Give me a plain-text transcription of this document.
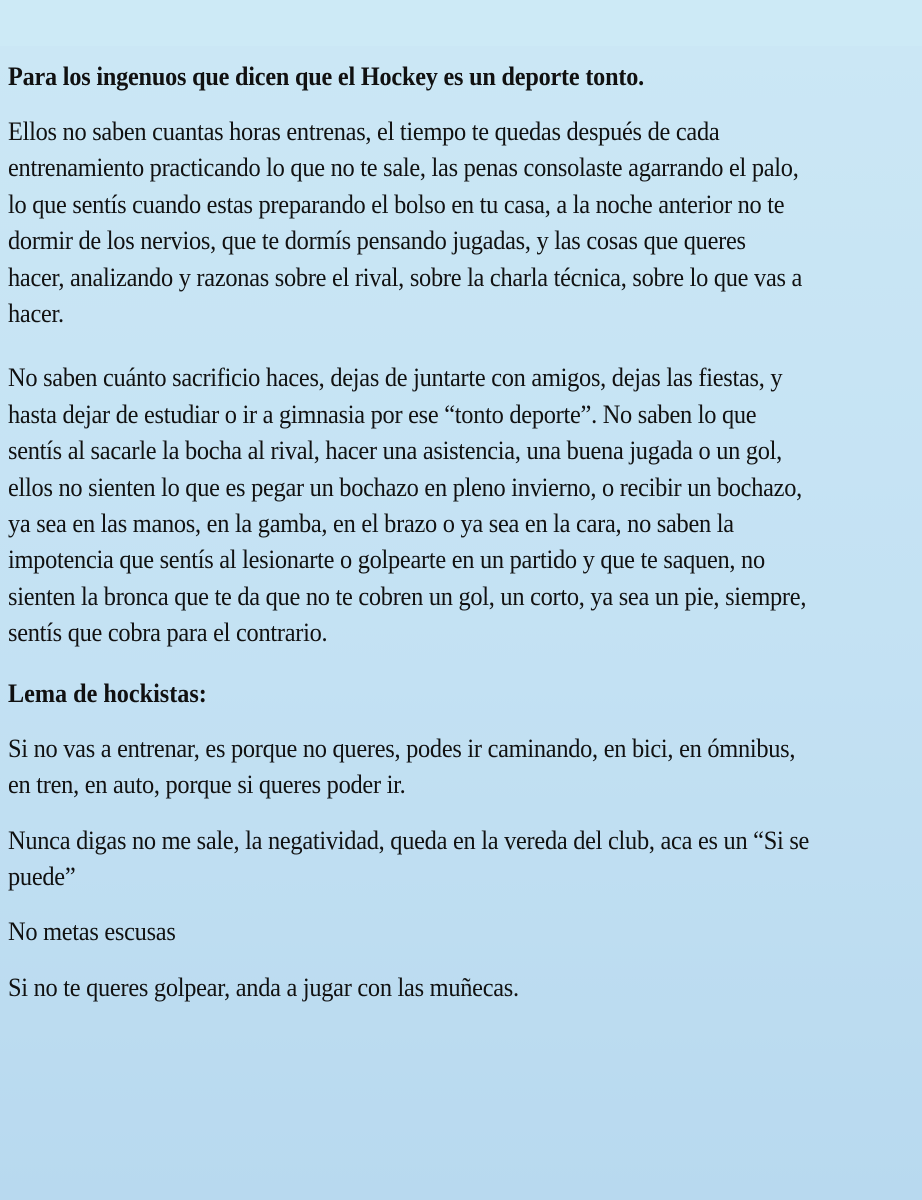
Para los ingenuos que dicen que el Hockey es un deporte tonto.
Ellos no saben cuantas horas entrenas, el tiempo te quedas después de cada
entrenamiento practicando lo que no te sale, las penas consolaste agarrando el palo,
lo que sentís cuando estas preparando el bolso en tu casa, a la noche anterior no te
dormir de los nervios, que te dormís pensando jugadas, y las cosas que queres
hacer, analizando y razonas sobre el rival, sobre la charla técnica, sobre lo que vas a
hacer.
No saben cuánto sacrificio haces, dejas de juntarte con amigos, dejas las fiestas, y
hasta dejar de estudiar o ir a gimnasia por ese “tonto deporte”. No saben lo que
sentís al sacarle la bocha al rival, hacer una asistencia, una buena jugada o un gol,
ellos no sienten lo que es pegar un bochazo en pleno invierno, o recibir un bochazo,
ya sea en las manos, en la gamba, en el brazo o ya sea en la cara, no saben la
impotencia que sentís al lesionarte o golpearte en un partido y que te saquen, no
sienten la bronca que te da que no te cobren un gol, un corto, ya sea un pie, siempre,
sentís que cobra para el contrario.
Lema de hockistas:
Si no vas a entrenar, es porque no queres, podes ir caminando, en bici, en ómnibus,
en tren, en auto, porque si queres poder ir.
Nunca digas no me sale, la negatividad, queda en la vereda del club, aca es un “Si se
puede”
No metas escusas
Si no te queres golpear, anda a jugar con las muñecas.
